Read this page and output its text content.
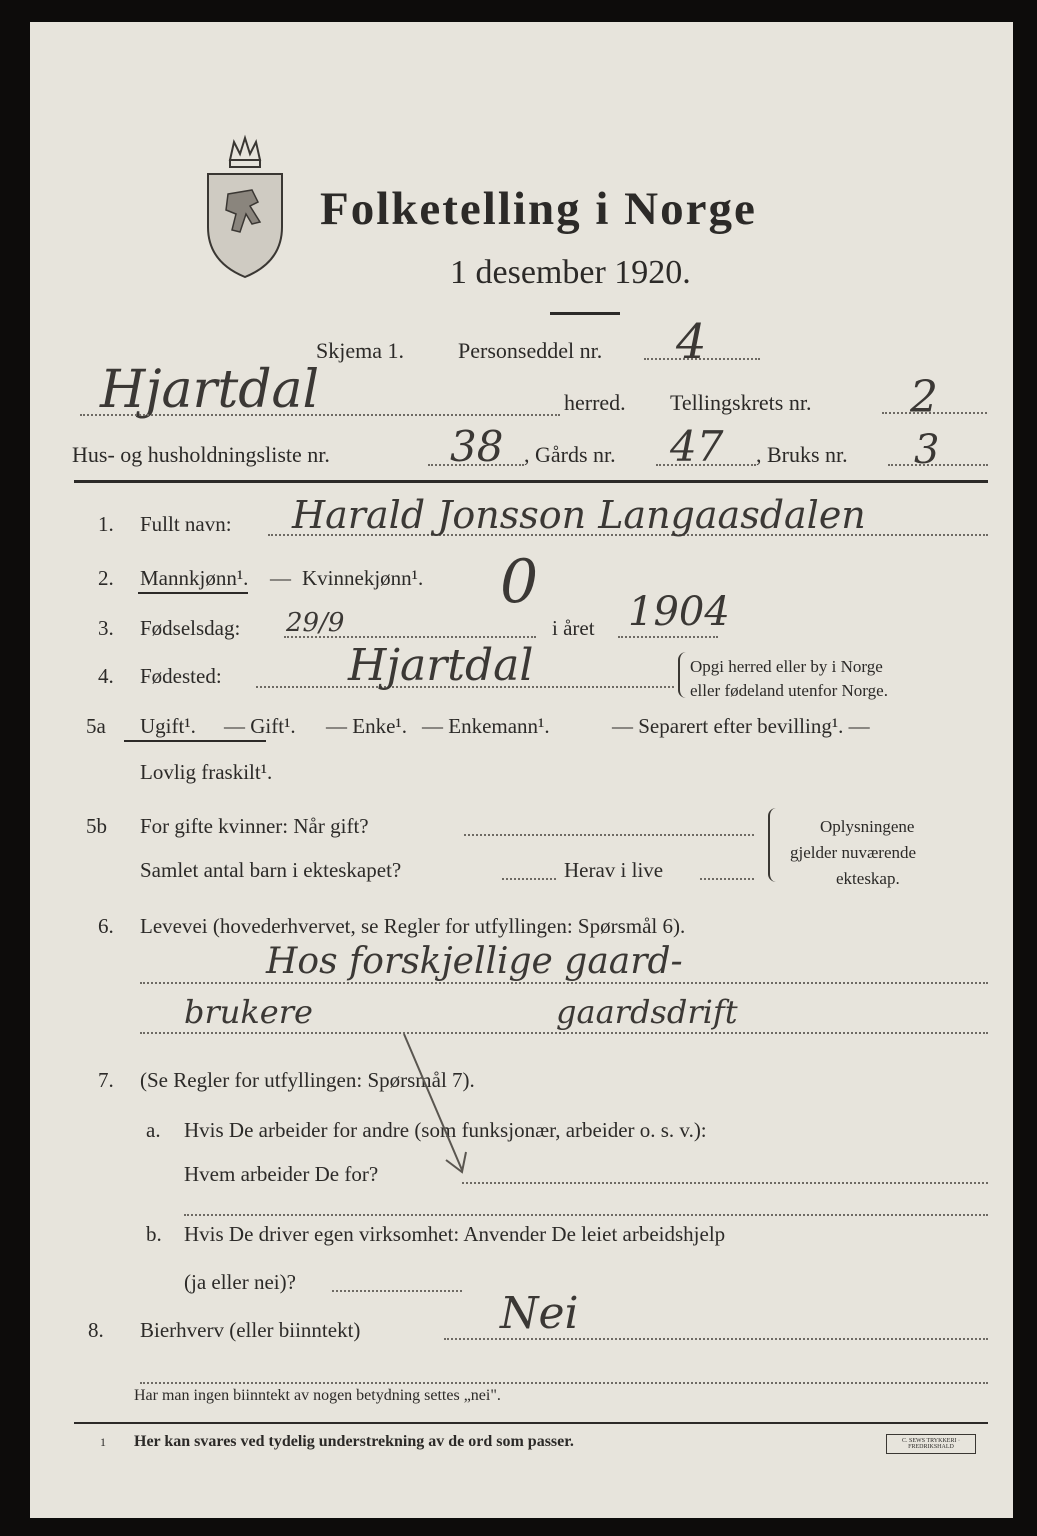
Folketelling i Norge
1 desember 1920.
Skjema 1. Personseddel nr. 4
Hjartdal	herred. Tellingskrets nr. 2
Hus- og husholdningsliste nr.	38 , Gårds nr. 47 , Bruks nr. 3
1. Fullt navn: Harald Jonsson Langaasdalen
2. Mannkjønn¹. — Kvinnekjønn¹. 0
3. Fødselsdag: 29/9	i året 1904
4. Fødested:	Hjartdal	Opgi herred eller by i Norge
eller fødeland utenfor Norge.
5a Ugift¹. — Gift¹. — Enke¹. — Enkemann¹.	— Separert efter bevilling¹. —
Lovlig fraskilt¹.
5b For gifte kvinner: Når gift?
Samlet antal barn i ekteskapet?	Herav i live
Oplysningene
gjelder nuværende
ekteskap.
6. Levevei (hovederhvervet, se Regler for utfyllingen: Spørsmål 6).
Hos forskjellige gaard-
brukere	gaardsdrift
7. (Se Regler for utfyllingen: Spørsmål 7).
a. Hvis De arbeider for andre (som funksjonær, arbeider o. s. v.):
Hvem arbeider De for?
b. Hvis De driver egen virksomhet: Anvender De leiet arbeidshjelp
(ja eller nei)?
8. Bierhverv (eller biinntekt)	Nei
Har man ingen biinntekt av nogen betydning settes „nei".
1 Her kan svares ved tydelig understrekning av de ord som passer.	C. SEWS TRYKKERI · FREDRIKSHALD
